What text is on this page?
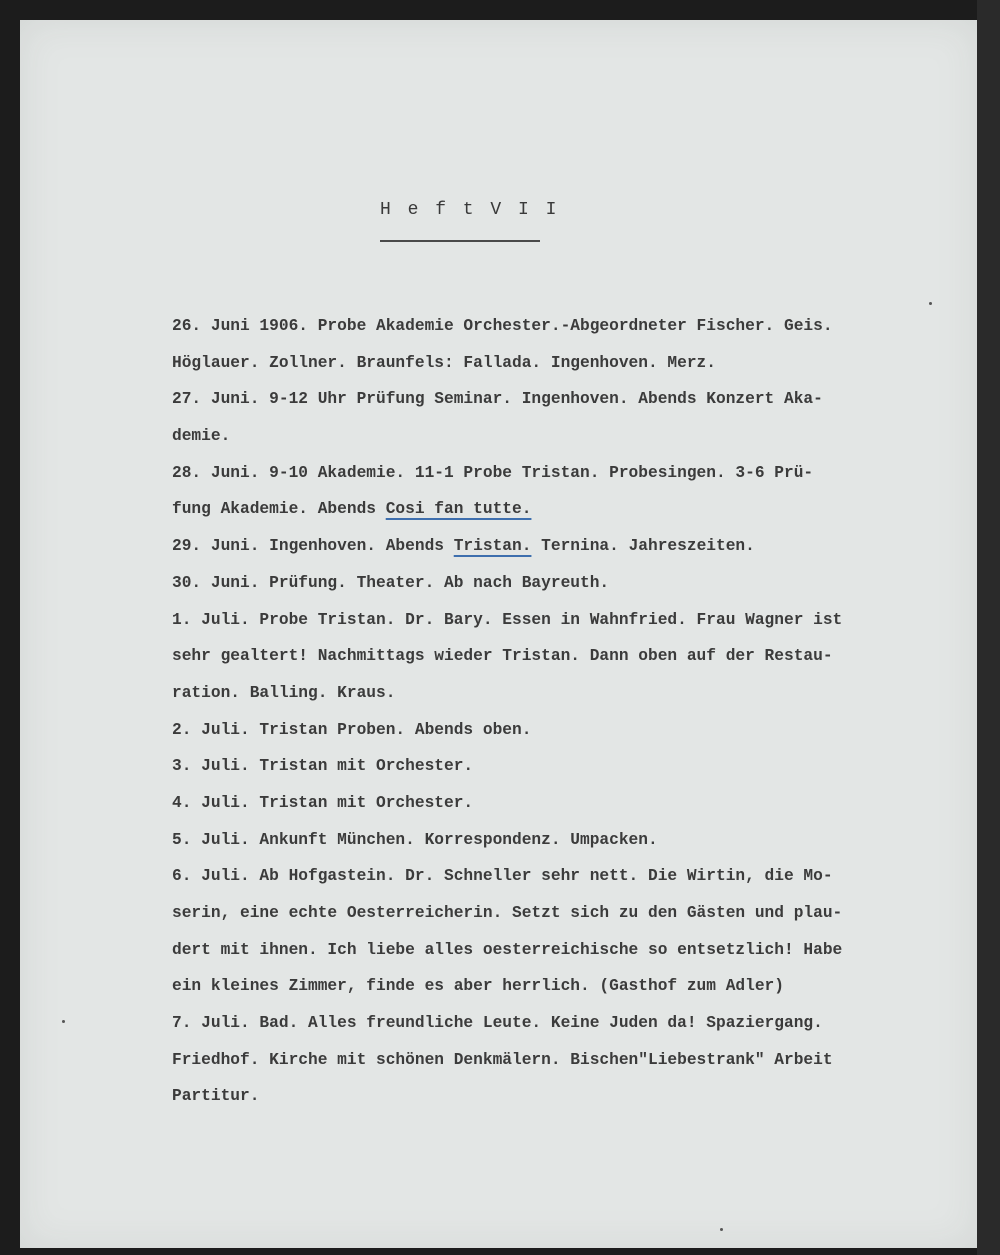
H e f t V I I
26. Juni 1906. Probe Akademie Orchester.-Abgeordneter Fischer. Geis.
Höglauer. Zollner. Braunfels: Fallada. Ingenhoven. Merz.
27. Juni. 9-12 Uhr Prüfung Seminar. Ingenhoven. Abends Konzert Aka-
demie.
28. Juni. 9-10 Akademie. 11-1 Probe Tristan. Probesingen. 3-6 Prü-
fung Akademie. Abends Cosi fan tutte.
29. Juni. Ingenhoven. Abends Tristan. Ternina. Jahreszeiten.
30. Juni. Prüfung. Theater. Ab nach Bayreuth.
1. Juli. Probe Tristan. Dr. Bary. Essen in Wahnfried. Frau Wagner ist
sehr gealtert! Nachmittags wieder Tristan. Dann oben auf der Restau-
ration. Balling. Kraus.
2. Juli. Tristan Proben. Abends oben.
3. Juli. Tristan mit Orchester.
4. Juli. Tristan mit Orchester.
5. Juli. Ankunft München. Korrespondenz. Umpacken.
6. Juli. Ab Hofgastein. Dr. Schneller sehr nett. Die Wirtin, die Mo-
serin, eine echte Oesterreicherin. Setzt sich zu den Gästen und plau-
dert mit ihnen. Ich liebe alles oesterreichische so entsetzlich! Habe
ein kleines Zimmer, finde es aber herrlich. (Gasthof zum Adler)
7. Juli. Bad. Alles freundliche Leute. Keine Juden da! Spaziergang.
Friedhof. Kirche mit schönen Denkmälern. Bischen"Liebestrank" Arbeit
Partitur.
